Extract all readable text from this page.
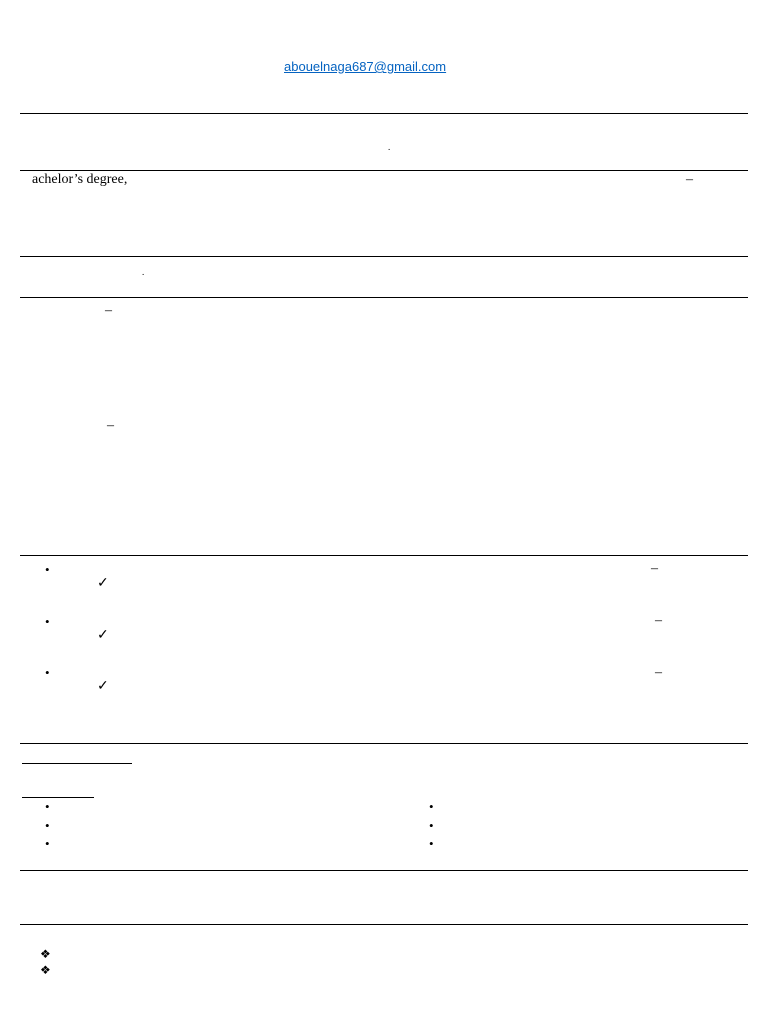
abouelnaga687@gmail.com
.
achelor’s degree,	–
.
–
–
•	–
✓
•	–
✓
•	–
✓
•
•
•
•
•
•
❖
❖
